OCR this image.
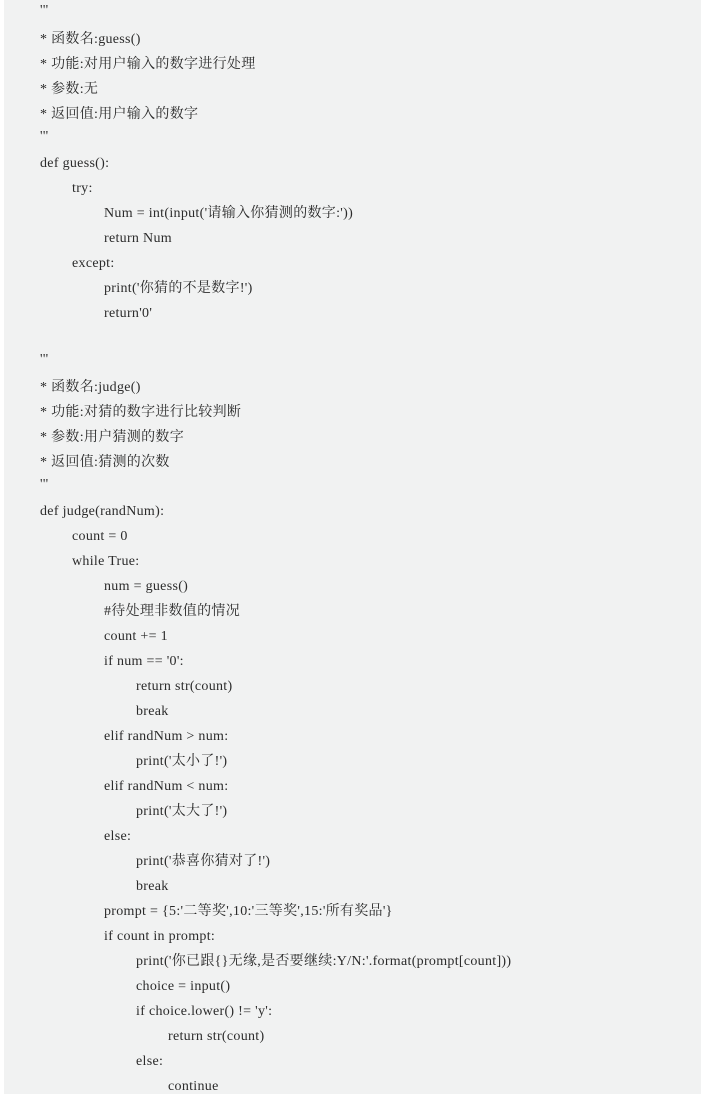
'''
* 函数名:guess()
* 功能:对用户输入的数字进行处理
* 参数:无
* 返回值:用户输入的数字
'''
def guess():
try:
Num = int(input('请输入你猜测的数字:'))
return Num
except:
print('你猜的不是数字!')
return'0'
'''
* 函数名:judge()
* 功能:对猜的数字进行比较判断
* 参数:用户猜测的数字
* 返回值:猜测的次数
'''
def judge(randNum):
count = 0
while True:
num = guess()
#待处理非数值的情况
count += 1
if num == '0':
return str(count)
break
elif randNum > num:
print('太小了!')
elif randNum < num:
print('太大了!')
else:
print('恭喜你猜对了!')
break
prompt = {5:'二等奖',10:'三等奖',15:'所有奖品'}
if count in prompt:
print('你已跟{}无缘,是否要继续:Y/N:'.format(prompt[count]))
choice = input()
if choice.lower() != 'y':
return str(count)
else:
continue
